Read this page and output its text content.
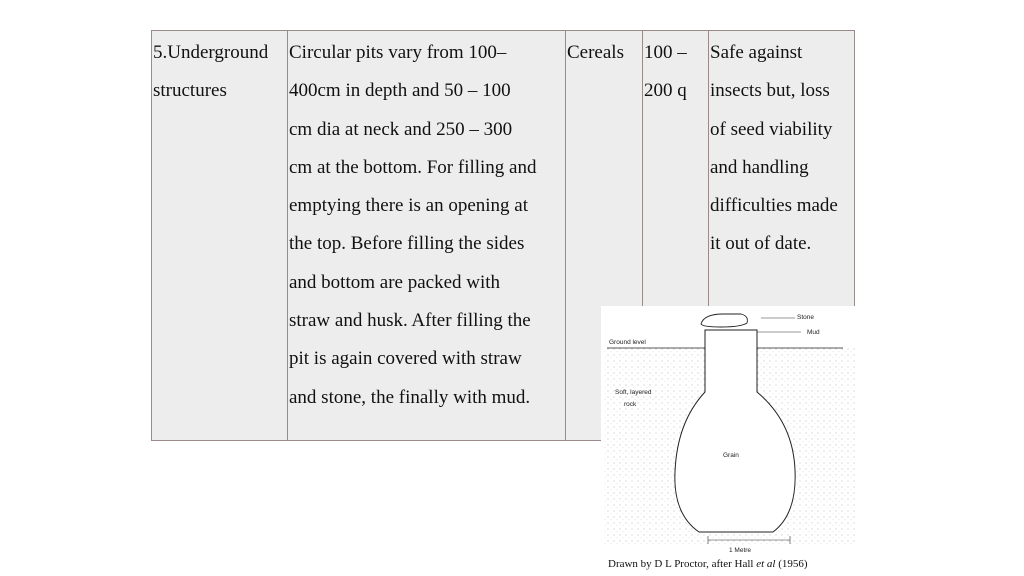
5.Underground
structures

Circular pits vary from 100–
400cm in depth and 50 – 100
cm dia at neck and 250 – 300
cm at the bottom. For filling and
emptying there is an opening at
the top. Before filling the sides
and bottom are packed with
straw and husk. After filling the
pit is again covered with straw
and stone, the finally with mud.

Cereals	100 –
200 q

Safe against
insects but, loss
of seed viability
and handling
difficulties made
it out of date.

Stone
Mud
Ground level
Soft, layered
rock
Grain
1 Metre
Drawn by D L Proctor, after Hall et al (1956)
